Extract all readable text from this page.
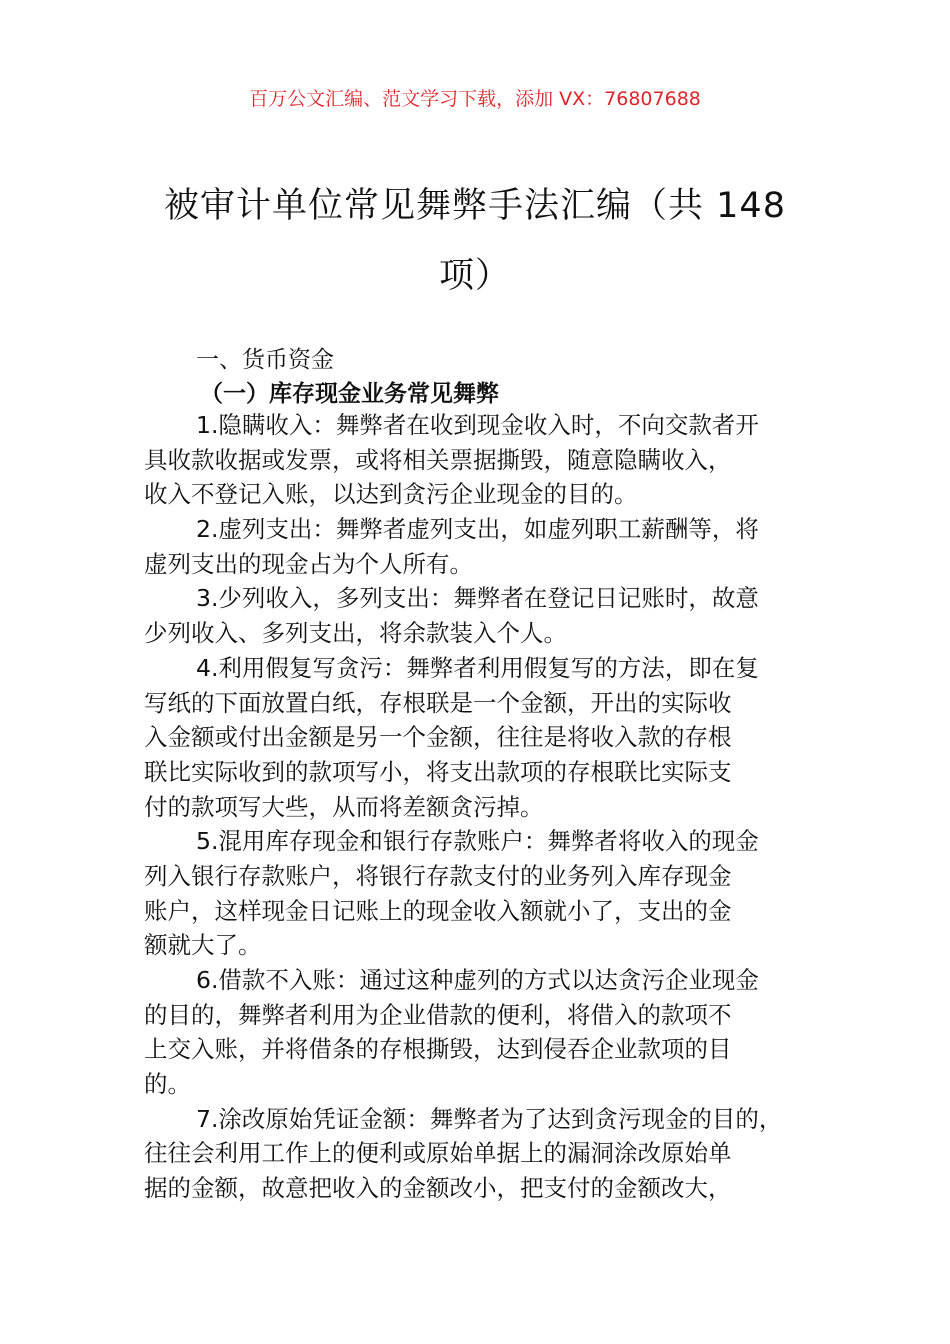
百万公文汇编、范文学习下载，添加 VX：76807688
被审计单位常见舞弊手法汇编（共 148
项）
一、货币资金
（一）库存现金业务常见舞弊
1.隐瞒收入：舞弊者在收到现金收入时，不向交款者开
具收款收据或发票，或将相关票据撕毁，随意隐瞒收入，
收入不登记入账，以达到贪污企业现金的目的。
2.虚列支出：舞弊者虚列支出，如虚列职工薪酬等，将
虚列支出的现金占为个人所有。
3.少列收入，多列支出：舞弊者在登记日记账时，故意
少列收入、多列支出，将余款装入个人。
4.利用假复写贪污：舞弊者利用假复写的方法，即在复
写纸的下面放置白纸，存根联是一个金额，开出的实际收
入金额或付出金额是另一个金额，往往是将收入款的存根
联比实际收到的款项写小，将支出款项的存根联比实际支
付的款项写大些，从而将差额贪污掉。
5.混用库存现金和银行存款账户：舞弊者将收入的现金
列入银行存款账户，将银行存款支付的业务列入库存现金
账户，这样现金日记账上的现金收入额就小了，支出的金
额就大了。
6.借款不入账：通过这种虚列的方式以达贪污企业现金
的目的，舞弊者利用为企业借款的便利，将借入的款项不
上交入账，并将借条的存根撕毁，达到侵吞企业款项的目
的。
7.涂改原始凭证金额：舞弊者为了达到贪污现金的目的，
往往会利用工作上的便利或原始单据上的漏洞涂改原始单
据的金额，故意把收入的金额改小，把支付的金额改大，
